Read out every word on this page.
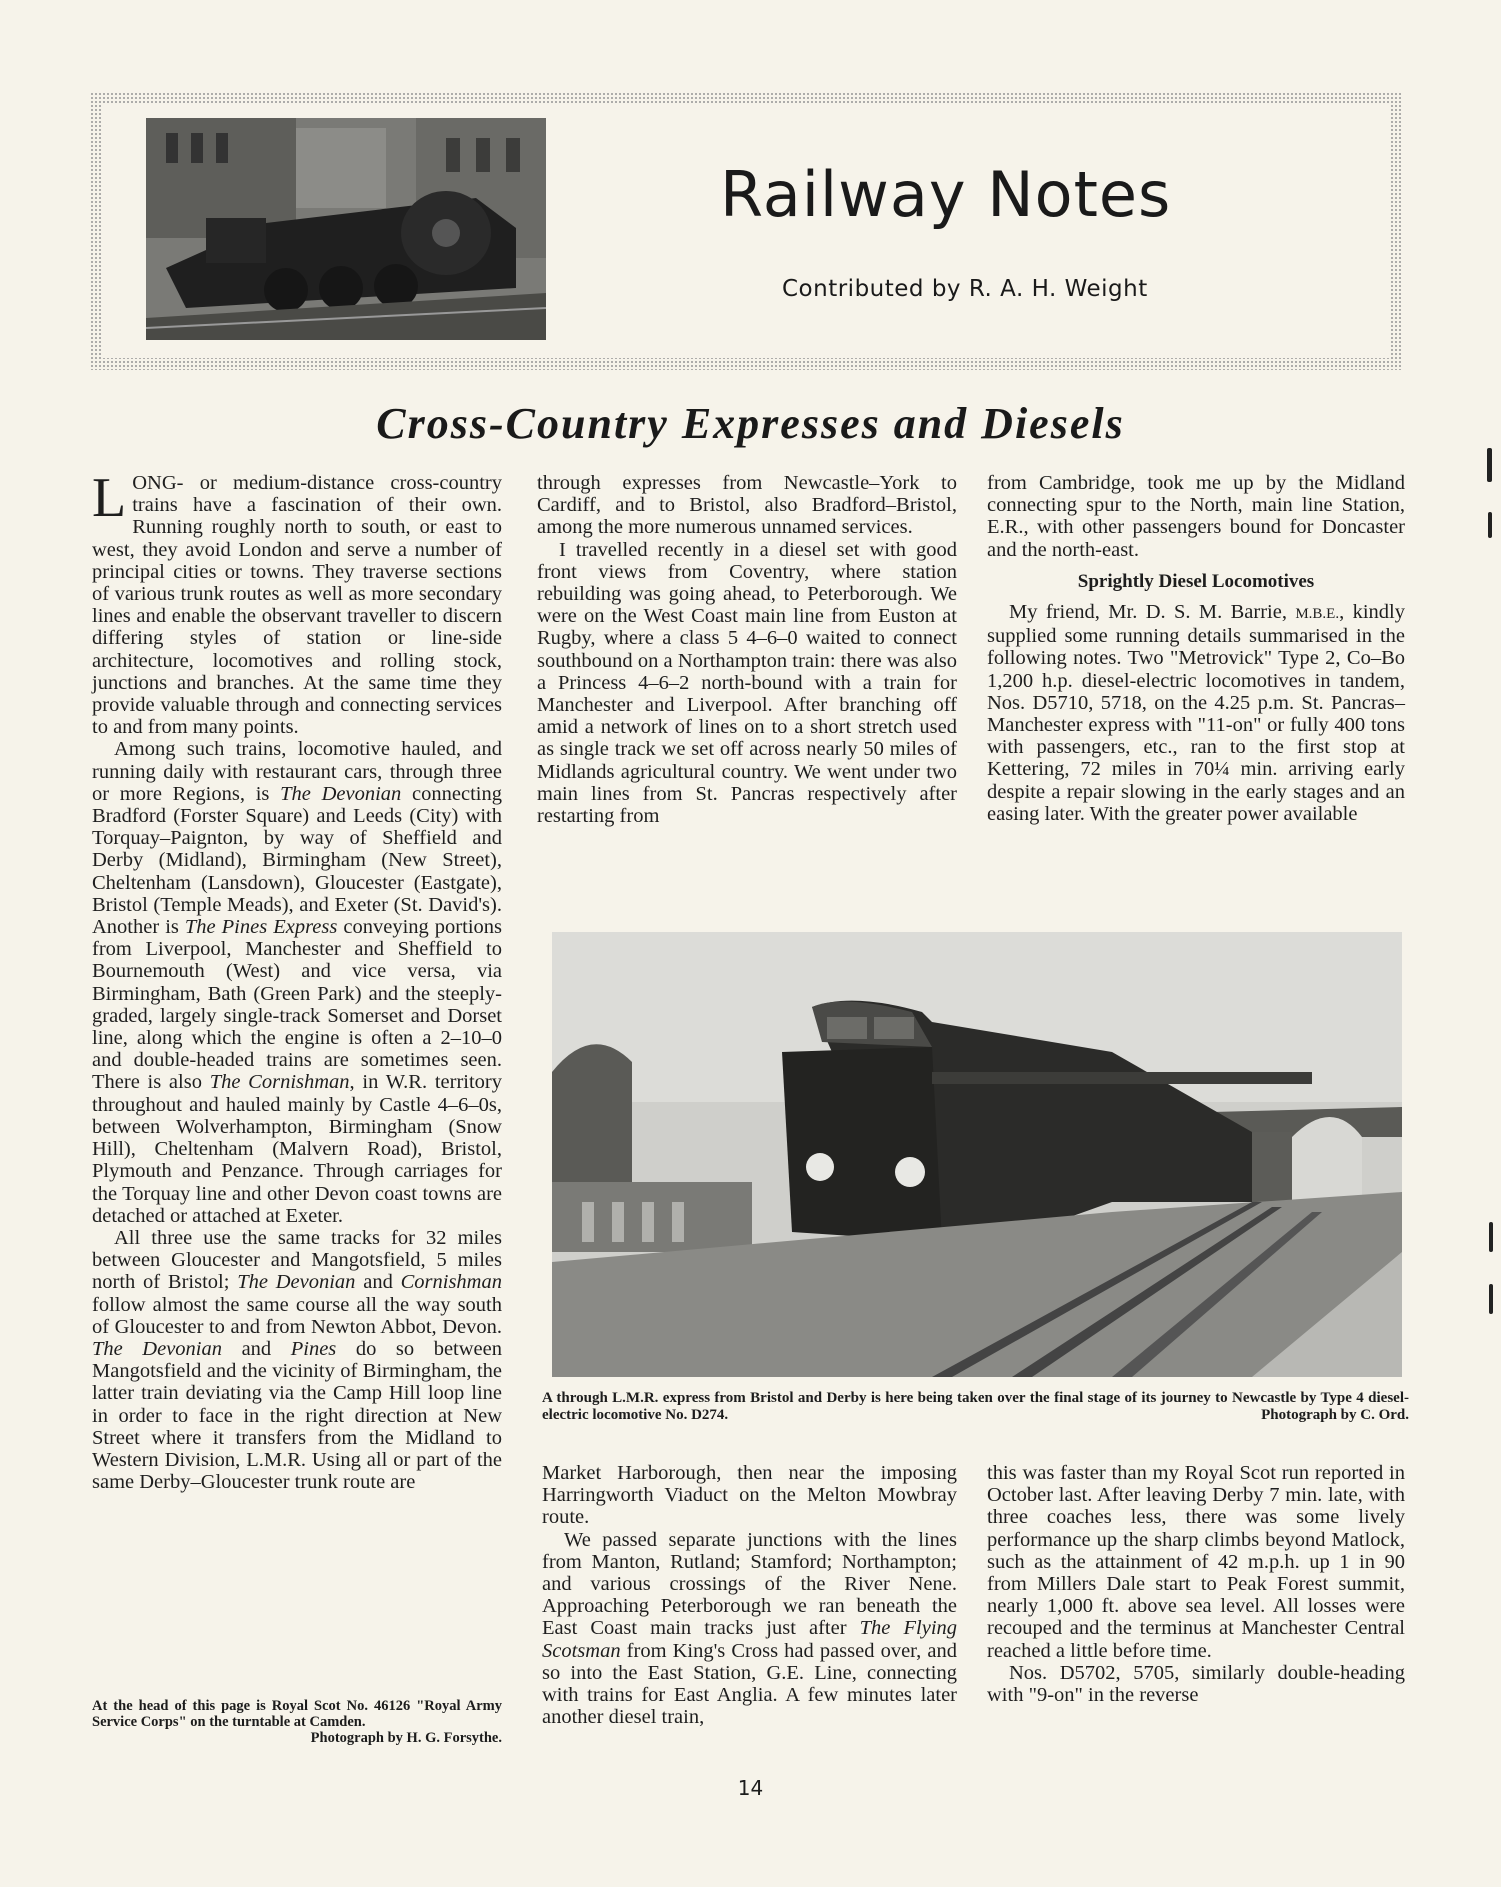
Railway Notes
Contributed by R. A. H. Weight
Cross-Country Expresses and Diesels

LONG- or medium-distance cross-country trains have a fascination of their own. Running roughly north to south, or east to west, they avoid London and serve a number of principal cities or towns. They traverse sections of various trunk routes as well as more secondary lines and enable the observant traveller to discern differing styles of station or line-side architecture, locomotives and rolling stock, junctions and branches. At the same time they provide valuable through and connecting services to and from many points.

Among such trains, locomotive hauled, and running daily with restaurant cars, through three or more Regions, is The Devonian connecting Bradford (Forster Square) and Leeds (City) with Torquay–Paignton, by way of Sheffield and Derby (Midland), Birmingham (New Street), Cheltenham (Lansdown), Gloucester (Eastgate), Bristol (Temple Meads), and Exeter (St. David's). Another is The Pines Express conveying portions from Liverpool, Manchester and Sheffield to Bournemouth (West) and vice versa, via Birmingham, Bath (Green Park) and the steeply-graded, largely single-track Somerset and Dorset line, along which the engine is often a 2–10–0 and double-headed trains are sometimes seen. There is also The Cornishman, in W.R. territory throughout and hauled mainly by Castle 4–6–0s, between Wolverhampton, Birmingham (Snow Hill), Cheltenham (Malvern Road), Bristol, Plymouth and Penzance. Through carriages for the Torquay line and other Devon coast towns are detached or attached at Exeter.

All three use the same tracks for 32 miles between Gloucester and Mangotsfield, 5 miles north of Bristol; The Devonian and Cornishman follow almost the same course all the way south of Gloucester to and from Newton Abbot, Devon. The Devonian and Pines do so between Mangotsfield and the vicinity of Birmingham, the latter train deviating via the Camp Hill loop line in order to face in the right direction at New Street where it transfers from the Midland to Western Division, L.M.R. Using all or part of the same Derby–Gloucester trunk route are

At the head of this page is Royal Scot No. 46126 "Royal Army Service Corps" on the turntable at Camden.
Photograph by H. G. Forsythe.

through expresses from Newcastle–York to Cardiff, and to Bristol, also Bradford–Bristol, among the more numerous unnamed services.

I travelled recently in a diesel set with good front views from Coventry, where station rebuilding was going ahead, to Peterborough. We were on the West Coast main line from Euston at Rugby, where a class 5 4–6–0 waited to connect southbound on a Northampton train: there was also a Princess 4–6–2 north-bound with a train for Manchester and Liverpool. After branching off amid a network of lines on to a short stretch used as single track we set off across nearly 50 miles of Midlands agricultural country. We went under two main lines from St. Pancras respectively after restarting from

from Cambridge, took me up by the Midland connecting spur to the North, main line Station, E.R., with other passengers bound for Doncaster and the north-east.

Sprightly Diesel Locomotives

My friend, Mr. D. S. M. Barrie, M.B.E., kindly supplied some running details summarised in the following notes. Two "Metrovick" Type 2, Co–Bo 1,200 h.p. diesel-electric locomotives in tandem, Nos. D5710, 5718, on the 4.25 p.m. St. Pancras–Manchester express with "11-on" or fully 400 tons with passengers, etc., ran to the first stop at Kettering, 72 miles in 70¼ min. arriving early despite a repair slowing in the early stages and an easing later. With the greater power available

A through L.M.R. express from Bristol and Derby is here being taken over the final stage of its journey to Newcastle by Type 4 diesel-electric locomotive No. D274.	Photograph by C. Ord.

Market Harborough, then near the imposing Harringworth Viaduct on the Melton Mowbray route.

We passed separate junctions with the lines from Manton, Rutland; Stamford; Northampton; and various crossings of the River Nene. Approaching Peterborough we ran beneath the East Coast main tracks just after The Flying Scotsman from King's Cross had passed over, and so into the East Station, G.E. Line, connecting with trains for East Anglia. A few minutes later another diesel train,

this was faster than my Royal Scot run reported in October last. After leaving Derby 7 min. late, with three coaches less, there was some lively performance up the sharp climbs beyond Matlock, such as the attainment of 42 m.p.h. up 1 in 90 from Millers Dale start to Peak Forest summit, nearly 1,000 ft. above sea level. All losses were recouped and the terminus at Manchester Central reached a little before time.

Nos. D5702, 5705, similarly double-heading with "9-on" in the reverse

14
